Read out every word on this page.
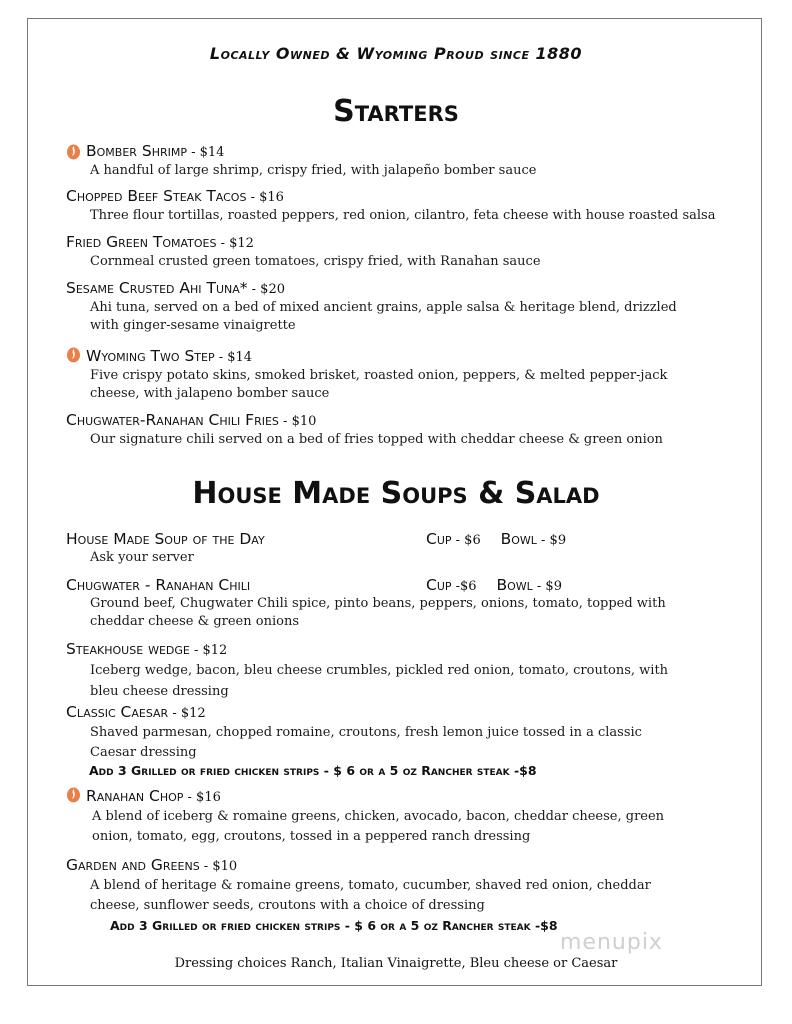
Locally Owned & Wyoming Proud since 1880
Starters
Bomber Shrimp - $14
A handful of large shrimp, crispy fried, with jalapeño bomber sauce
Chopped Beef Steak Tacos - $16
Three flour tortillas, roasted peppers, red onion, cilantro, feta cheese with house roasted salsa
Fried Green Tomatoes - $12
Cornmeal crusted green tomatoes, crispy fried, with Ranahan sauce
Sesame Crusted Ahi Tuna* - $20
Ahi tuna, served on a bed of mixed ancient grains, apple salsa & heritage blend, drizzled with ginger-sesame vinaigrette
Wyoming Two Step - $14
Five crispy potato skins, smoked brisket, roasted onion, peppers, & melted pepper-jack cheese, with jalapeno bomber sauce
Chugwater-Ranahan Chili Fries - $10
Our signature chili served on a bed of fries topped with cheddar cheese & green onion
House Made Soups & Salad
House Made Soup of the Day
Ask your server
Cup - $6 Bowl - $9
Chugwater - Ranahan Chili
Ground beef, Chugwater Chili spice, pinto beans, peppers, onions, tomato, topped with cheddar cheese & green onions
Cup -$6 Bowl - $9
Steakhouse wedge - $12
Iceberg wedge, bacon, bleu cheese crumbles, pickled red onion, tomato, croutons, with bleu cheese dressing
Classic Caesar - $12
Shaved parmesan, chopped romaine, croutons, fresh lemon juice tossed in a classic Caesar dressing
Add 3 Grilled or fried chicken strips - $ 6 or a 5 oz Rancher steak -$8
Ranahan Chop - $16
A blend of iceberg & romaine greens, chicken, avocado, bacon, cheddar cheese, green onion, tomato, egg, croutons, tossed in a peppered ranch dressing
Garden and Greens - $10
A blend of heritage & romaine greens, tomato, cucumber, shaved red onion, cheddar cheese, sunflower seeds, croutons with a choice of dressing
Add 3 Grilled or fried chicken strips - $ 6 or a 5 oz Rancher steak -$8
menupix
Dressing choices Ranch, Italian Vinaigrette, Bleu cheese or Caesar
